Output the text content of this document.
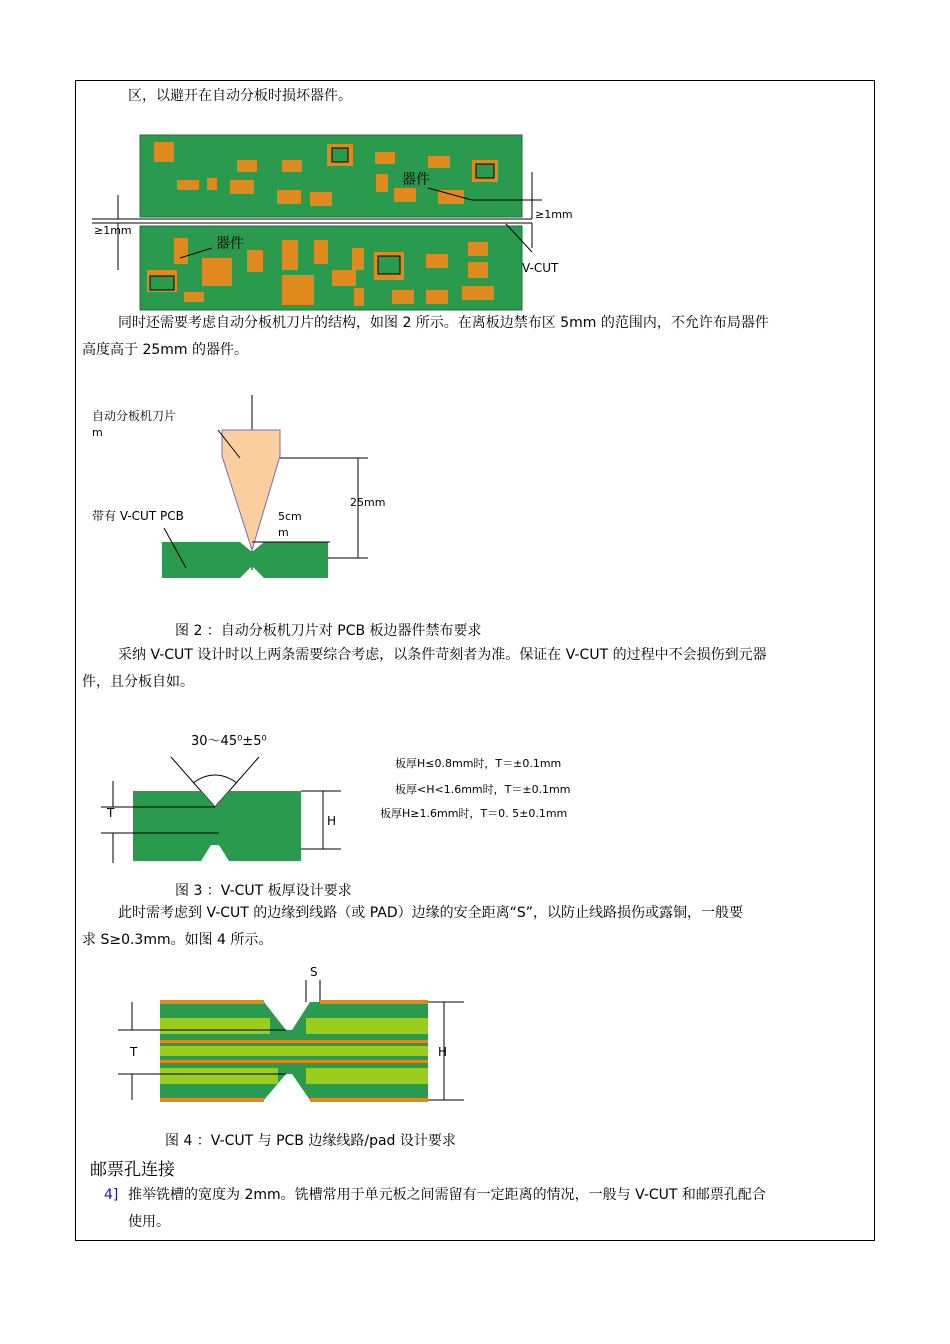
区，以避开在自动分板时损坏器件。
器件
器件
≥1mm
≥1mm
V-CUT
同时还需要考虑自动分板机刀片的结构，如图 2 所示。在离板边禁布区 5mm 的范围内，不允许布局器件
高度高于 25mm 的器件。
自动分板机刀片
m
带有 V-CUT PCB	5cm
m
25mm
图 2 ：自动分板机刀片对 PCB 板边器件禁布要求
采纳 V-CUT 设计时以上两条需要综合考虑，以条件苛刻者为准。保证在 V-CUT 的过程中不会损伤到元器
件，且分板自如。
30～45⁰±5⁰
T
H
板厚H≤0.8mm时，T＝±0.1mm
板厚<H<1.6mm时，T＝±0.1mm
板厚H≥1.6mm时，T＝0. 5±0.1mm
图 3 ：V-CUT 板厚设计要求
此时需考虑到 V-CUT 的边缘到线路（或 PAD）边缘的安全距离“S”，以防止线路损伤或露铜，一般要
求 S≥0.3mm。如图 4 所示。
S
T	H
图 4 ：V-CUT 与 PCB 边缘线路/pad 设计要求
邮票孔连接
4] 推举铣槽的宽度为 2mm。铣槽常用于单元板之间需留有一定距离的情况，一般与 V-CUT 和邮票孔配合
使用。
